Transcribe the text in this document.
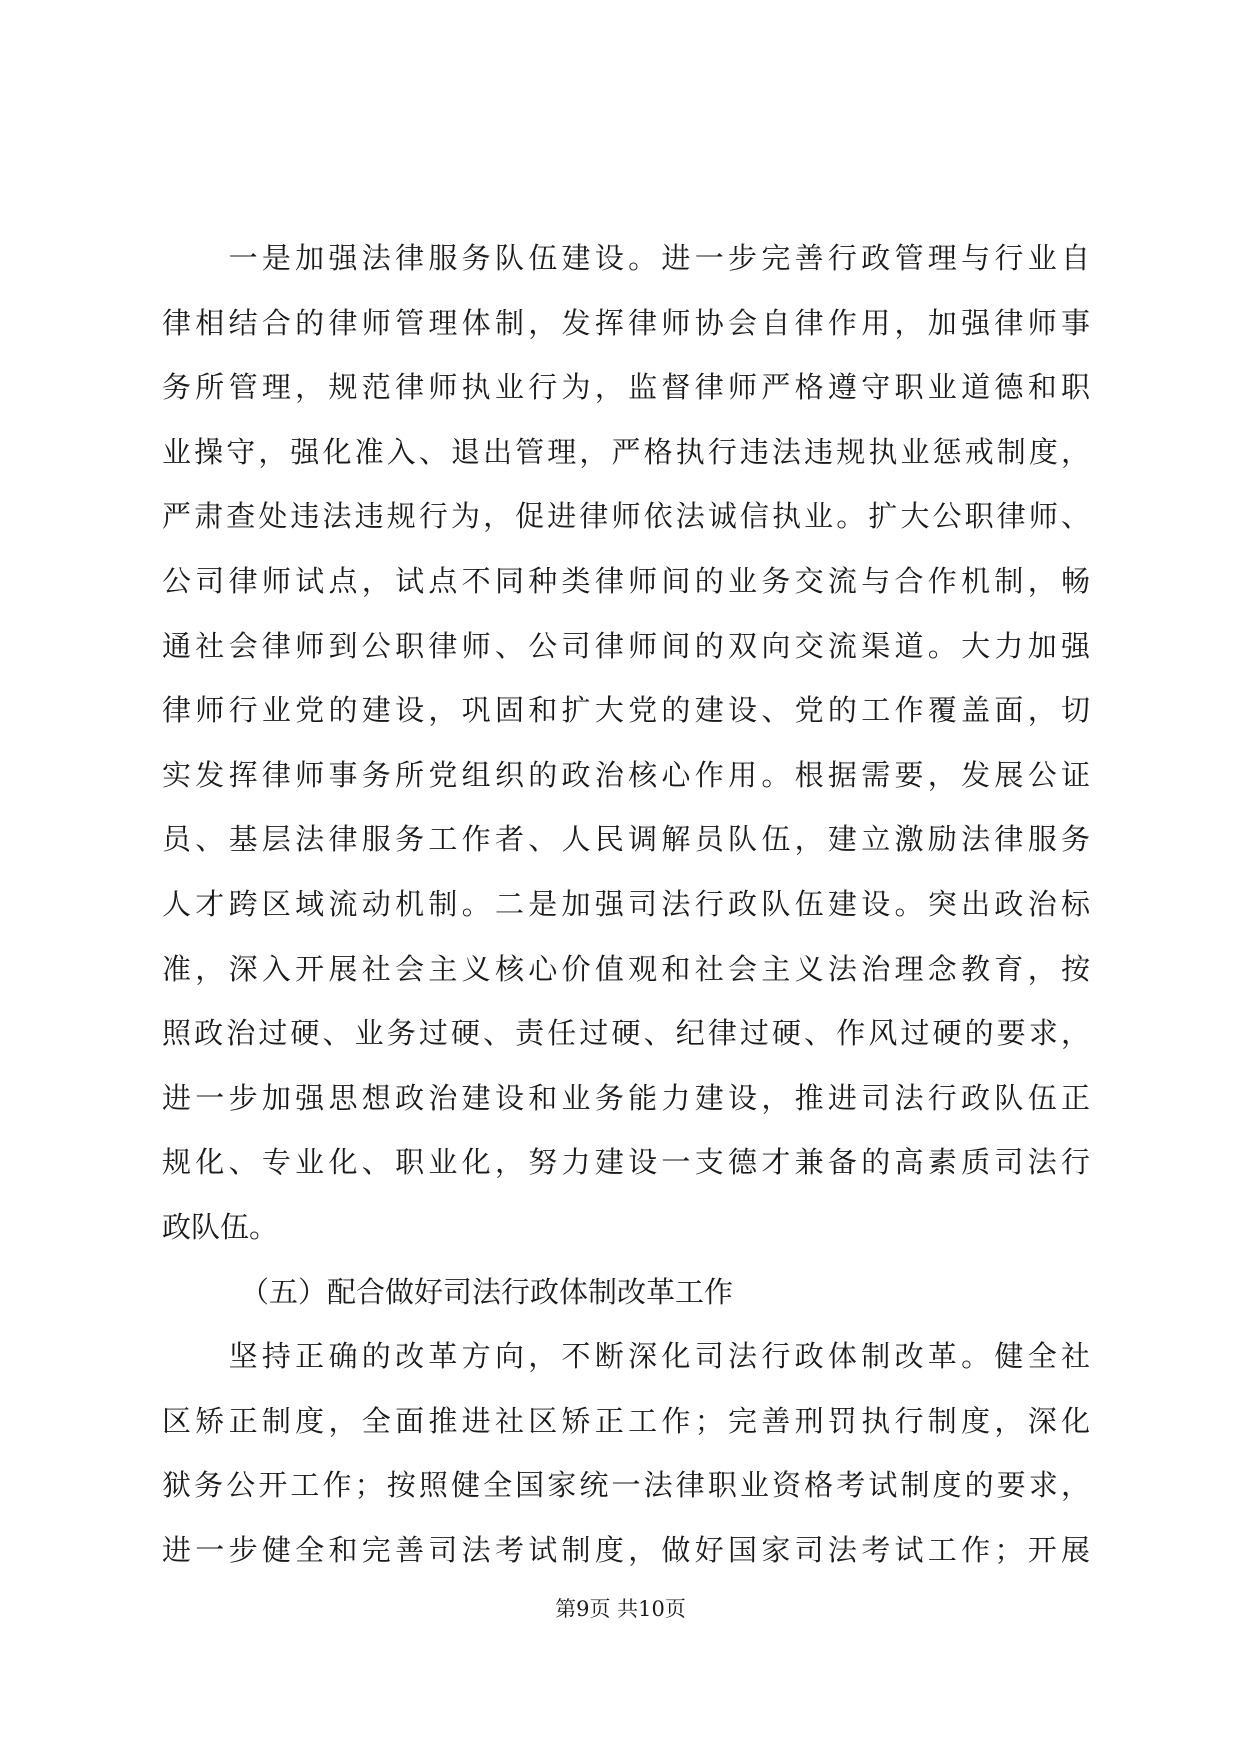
　　一是加强法律服务队伍建设。进一步完善行政管理与行业自
律相结合的律师管理体制，发挥律师协会自律作用，加强律师事
务所管理，规范律师执业行为，监督律师严格遵守职业道德和职
业操守，强化准入、退出管理，严格执行违法违规执业惩戒制度，
严肃查处违法违规行为，促进律师依法诚信执业。扩大公职律师、
公司律师试点，试点不同种类律师间的业务交流与合作机制，畅
通社会律师到公职律师、公司律师间的双向交流渠道。大力加强
律师行业党的建设，巩固和扩大党的建设、党的工作覆盖面，切
实发挥律师事务所党组织的政治核心作用。根据需要，发展公证
员、基层法律服务工作者、人民调解员队伍，建立激励法律服务
人才跨区域流动机制。二是加强司法行政队伍建设。突出政治标
准，深入开展社会主义核心价值观和社会主义法治理念教育，按
照政治过硬、业务过硬、责任过硬、纪律过硬、作风过硬的要求，
进一步加强思想政治建设和业务能力建设，推进司法行政队伍正
规化、专业化、职业化，努力建设一支德才兼备的高素质司法行
政队伍。
（五）配合做好司法行政体制改革工作
　　坚持正确的改革方向，不断深化司法行政体制改革。健全社
区矫正制度，全面推进社区矫正工作；完善刑罚执行制度，深化
狱务公开工作；按照健全国家统一法律职业资格考试制度的要求，
进一步健全和完善司法考试制度，做好国家司法考试工作；开展
第9页 共10页
